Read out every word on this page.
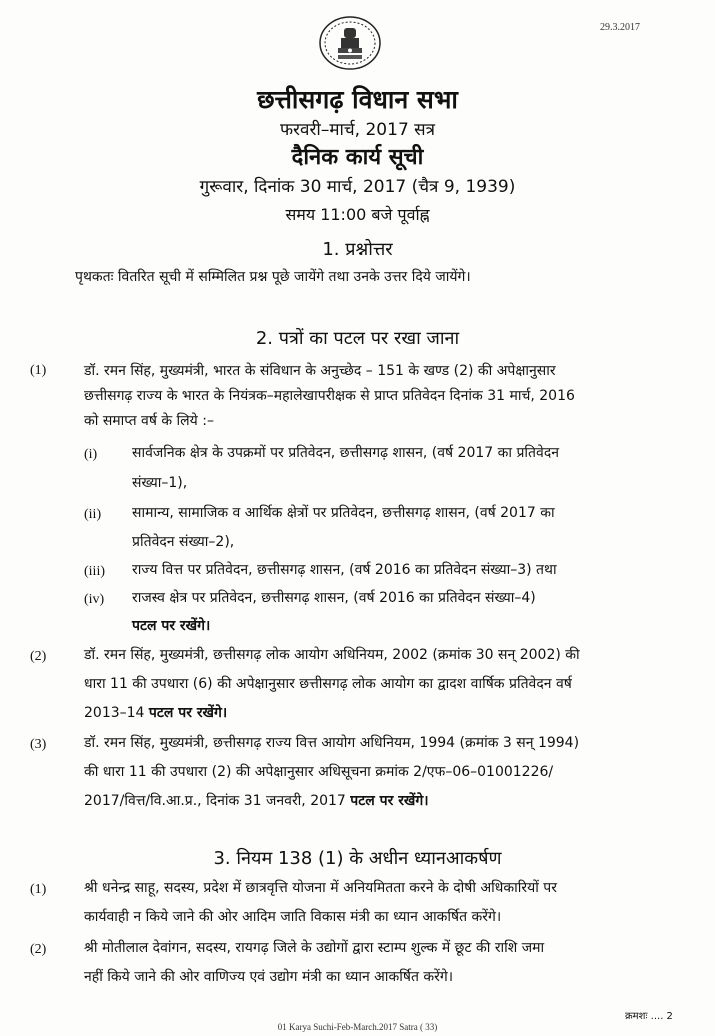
29.3.2017
छत्तीसगढ़ विधान सभा
फरवरी–मार्च, 2017 सत्र
दैनिक कार्य सूची
गुरूवार, दिनांक 30 मार्च, 2017 (चैत्र 9, 1939)
समय 11:00 बजे पूर्वाह्न
1. प्रश्नोत्तर
पृथकतः वितरित सूची में सम्मिलित प्रश्न पूछे जायेंगे तथा उनके उत्तर दिये जायेंगे।
2. पत्रों का पटल पर रखा जाना
(1)	डॉ. रमन सिंह, मुख्यमंत्री, भारत के संविधान के अनुच्छेद – 151 के खण्ड (2) की अपेक्षानुसार
छत्तीसगढ़ राज्य के भारत के नियंत्रक–महालेखापरीक्षक से प्राप्त प्रतिवेदन दिनांक 31 मार्च, 2016
को समाप्त वर्ष के लिये :–
(i) सार्वजनिक क्षेत्र के उपक्रमों पर प्रतिवेदन, छत्तीसगढ़ शासन, (वर्ष 2017 का प्रतिवेदन
संख्या–1),
(ii) सामान्य, सामाजिक व आर्थिक क्षेत्रों पर प्रतिवेदन, छत्तीसगढ़ शासन, (वर्ष 2017 का
प्रतिवेदन संख्या–2),
(iii) राज्य वित्त पर प्रतिवेदन, छत्तीसगढ़ शासन, (वर्ष 2016 का प्रतिवेदन संख्या–3) तथा
(iv) राजस्व क्षेत्र पर प्रतिवेदन, छत्तीसगढ़ शासन, (वर्ष 2016 का प्रतिवेदन संख्या–4)
पटल पर रखेंगे।
(2)	डॉ. रमन सिंह, मुख्यमंत्री, छत्तीसगढ़ लोक आयोग अधिनियम, 2002 (क्रमांक 30 सन् 2002) की
धारा 11 की उपधारा (6) की अपेक्षानुसार छत्तीसगढ़ लोक आयोग का द्वादश वार्षिक प्रतिवेदन वर्ष
2013–14 पटल पर रखेंगे।
(3)	डॉ. रमन सिंह, मुख्यमंत्री, छत्तीसगढ़ राज्य वित्त आयोग अधिनियम, 1994 (क्रमांक 3 सन् 1994)
की धारा 11 की उपधारा (2) की अपेक्षानुसार अधिसूचना क्रमांक 2/एफ–06–01001226/
2017/वित्त/वि.आ.प्र., दिनांक 31 जनवरी, 2017 पटल पर रखेंगे।
3. नियम 138 (1) के अधीन ध्यानआकर्षण
(1)	श्री धनेन्द्र साहू, सदस्य, प्रदेश में छात्रवृत्ति योजना में अनियमितता करने के दोषी अधिकारियों पर
कार्यवाही न किये जाने की ओर आदिम जाति विकास मंत्री का ध्यान आकर्षित करेंगे।
(2)	श्री मोतीलाल देवांगन, सदस्य, रायगढ़ जिले के उद्योगों द्वारा स्टाम्प शुल्क में छूट की राशि जमा
नहीं किये जाने की ओर वाणिज्य एवं उद्योग मंत्री का ध्यान आकर्षित करेंगे।
क्रमशः .... 2
01 Karya Suchi-Feb-March.2017 Satra ( 33)
